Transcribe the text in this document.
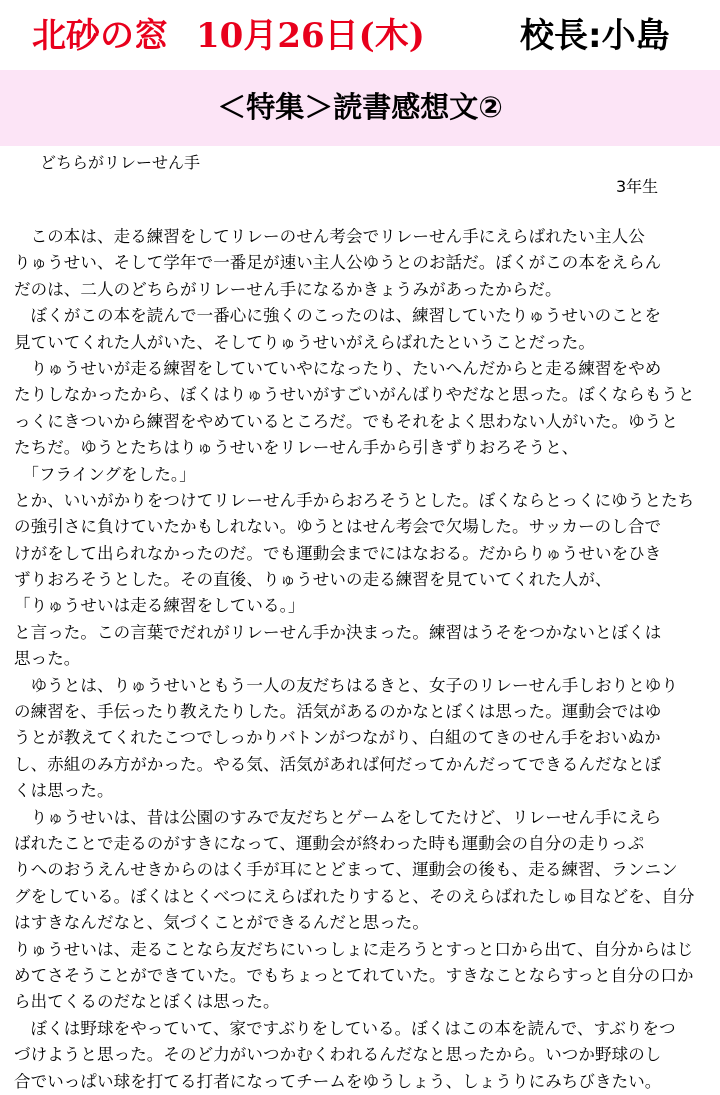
北砂の窓 10月26日(木)	校長:小島
＜特集＞読書感想文②
どちらがリレーせん手
3年生
　この本は、走る練習をしてリレーのせん考会でリレーせん手にえらばれたい主人公
りゅうせい、そして学年で一番足が速い主人公ゆうとのお話だ。ぼくがこの本をえらん
だのは、二人のどちらがリレーせん手になるかきょうみがあったからだ。
　ぼくがこの本を読んで一番心に強くのこったのは、練習していたりゅうせいのことを
見ていてくれた人がいた、そしてりゅうせいがえらばれたということだった。
　りゅうせいが走る練習をしていていやになったり、たいへんだからと走る練習をやめ
たりしなかったから、ぼくはりゅうせいがすごいがんばりやだなと思った。ぼくならもうと
っくにきついから練習をやめているところだ。でもそれをよく思わない人がいた。ゆうと
たちだ。ゆうとたちはりゅうせいをリレーせん手から引きずりおろそうと、
　「フライングをした。」
とか、いいがかりをつけてリレーせん手からおろそうとした。ぼくならとっくにゆうとたち
の強引さに負けていたかもしれない。ゆうとはせん考会で欠場した。サッカーのし合で
けがをして出られなかったのだ。でも運動会までにはなおる。だからりゅうせいをひき
ずりおろそうとした。その直後、りゅうせいの走る練習を見ていてくれた人が、
「りゅうせいは走る練習をしている。」
と言った。この言葉でだれがリレーせん手か決まった。練習はうそをつかないとぼくは
思った。
　ゆうとは、りゅうせいともう一人の友だちはるきと、女子のリレーせん手しおりとゆり
の練習を、手伝ったり教えたりした。活気があるのかなとぼくは思った。運動会ではゆ
うとが教えてくれたこつでしっかりバトンがつながり、白組のてきのせん手をおいぬか
し、赤組のみ方がかった。やる気、活気があれば何だってかんだってできるんだなとぼ
くは思った。
　りゅうせいは、昔は公園のすみで友だちとゲームをしてたけど、リレーせん手にえら
ばれたことで走るのがすきになって、運動会が終わった時も運動会の自分の走りっぷ
りへのおうえんせきからのはく手が耳にとどまって、運動会の後も、走る練習、ランニン
グをしている。ぼくはとくべつにえらばれたりすると、そのえらばれたしゅ目などを、自分
はすきなんだなと、気づくことができるんだと思った。
りゅうせいは、走ることなら友だちにいっしょに走ろうとすっと口から出て、自分からはじ
めてさそうことができていた。でもちょっとてれていた。すきなことならすっと自分の口か
ら出てくるのだなとぼくは思った。
　ぼくは野球をやっていて、家ですぶりをしている。ぼくはこの本を読んで、すぶりをつ
づけようと思った。そのど力がいつかむくわれるんだなと思ったから。いつか野球のし
合でいっぱい球を打てる打者になってチームをゆうしょう、しょうりにみちびきたい。
